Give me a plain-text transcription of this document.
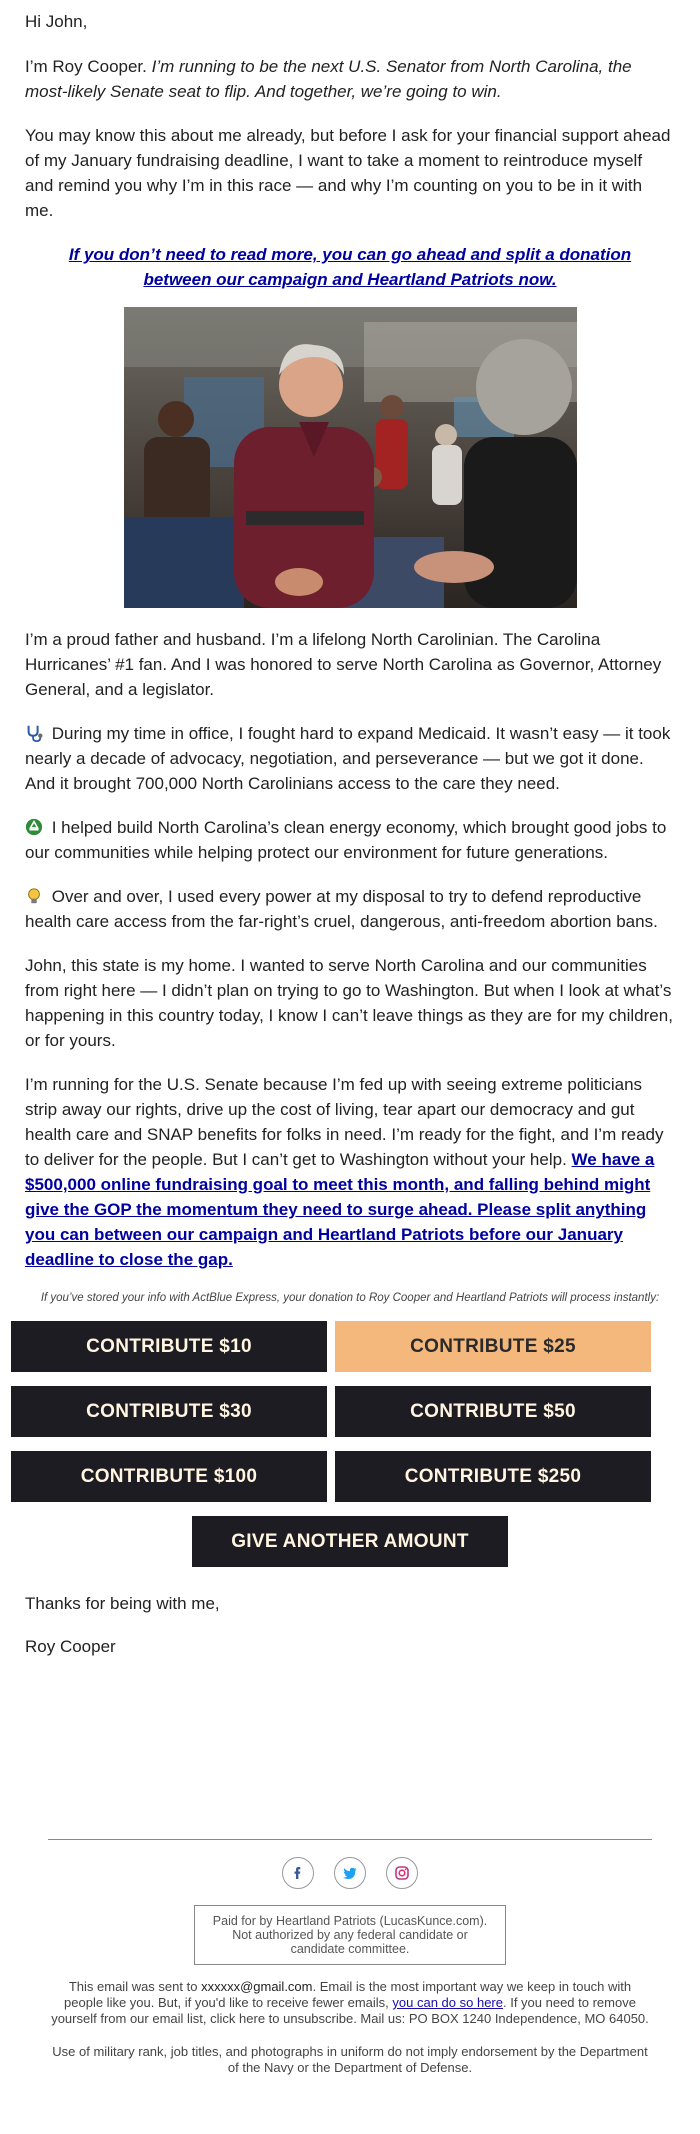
Hi John,

I’m Roy Cooper. I’m running to be the next U.S. Senator from North Carolina, the most-likely Senate seat to flip. And together, we’re going to win.

You may know this about me already, but before I ask for your financial support ahead of my January fundraising deadline, I want to take a moment to reintroduce myself and remind you why I’m in this race — and why I’m counting on you to be in it with me.

If you don’t need to read more, you can go ahead and split a donation between our campaign and Heartland Patriots now.

I’m a proud father and husband. I’m a lifelong North Carolinian. The Carolina Hurricanes’ #1 fan. And I was honored to serve North Carolina as Governor, Attorney General, and a legislator.

During my time in office, I fought hard to expand Medicaid. It wasn’t easy — it took nearly a decade of advocacy, negotiation, and perseverance — but we got it done. And it brought 700,000 North Carolinians access to the care they need.

I helped build North Carolina’s clean energy economy, which brought good jobs to our communities while helping protect our environment for future generations.

Over and over, I used every power at my disposal to try to defend reproductive health care access from the far-right’s cruel, dangerous, anti-freedom abortion bans.

John, this state is my home. I wanted to serve North Carolina and our communities from right here — I didn’t plan on trying to go to Washington. But when I look at what’s happening in this country today, I know I can’t leave things as they are for my children, or for yours.

I’m running for the U.S. Senate because I’m fed up with seeing extreme politicians strip away our rights, drive up the cost of living, tear apart our democracy and gut health care and SNAP benefits for folks in need. I’m ready for the fight, and I’m ready to deliver for the people. But I can’t get to Washington without your help. We have a $500,000 online fundraising goal to meet this month, and falling behind might give the GOP the momentum they need to surge ahead. Please split anything you can between our campaign and Heartland Patriots before our January deadline to close the gap.

If you’ve stored your info with ActBlue Express, your donation to Roy Cooper and Heartland Patriots will process instantly:
CONTRIBUTE $10	CONTRIBUTE $25
CONTRIBUTE $30	CONTRIBUTE $50
CONTRIBUTE $100	CONTRIBUTE $250
GIVE ANOTHER AMOUNT

Thanks for being with me,

Roy Cooper

Paid for by Heartland Patriots (LucasKunce.com). Not authorized by any federal candidate or candidate committee.
This email was sent to xxxxxx@gmail.com. Email is the most important way we keep in touch with people like you. But, if you'd like to receive fewer emails, you can do so here. If you need to remove yourself from our email list, click here to unsubscribe. Mail us: PO BOX 1240 Independence, MO 64050.
Use of military rank, job titles, and photographs in uniform do not imply endorsement by the Department of the Navy or the Department of Defense.
